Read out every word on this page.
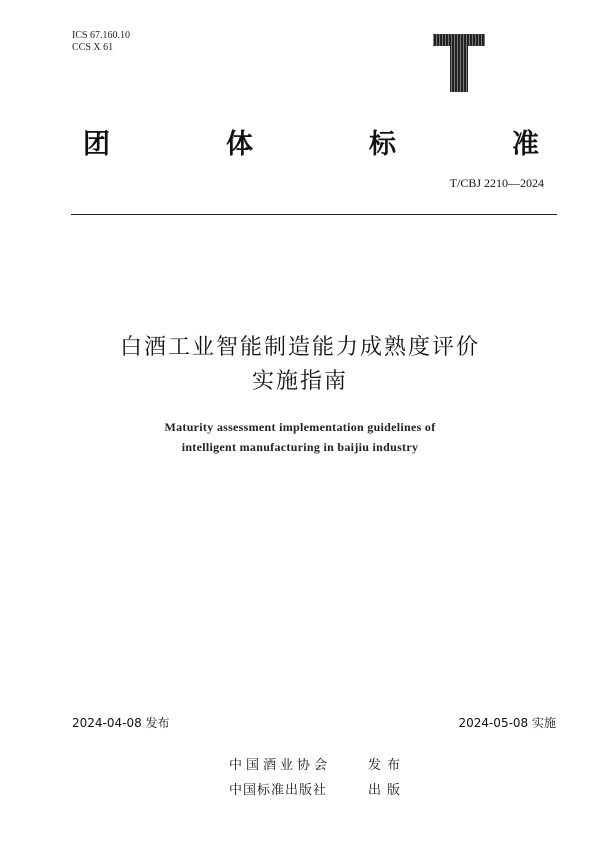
ICS 67.160.10
CCS X 61
团	体	标	准
T/CBJ 2210—2024
白酒工业智能制造能力成熟度评价
实施指南
Maturity assessment implementation guidelines of
intelligent manufacturing in baijiu industry
2024-04-08 发布	2024-05-08 实施
中国酒业协会	发布
中国标准出版社	出版
